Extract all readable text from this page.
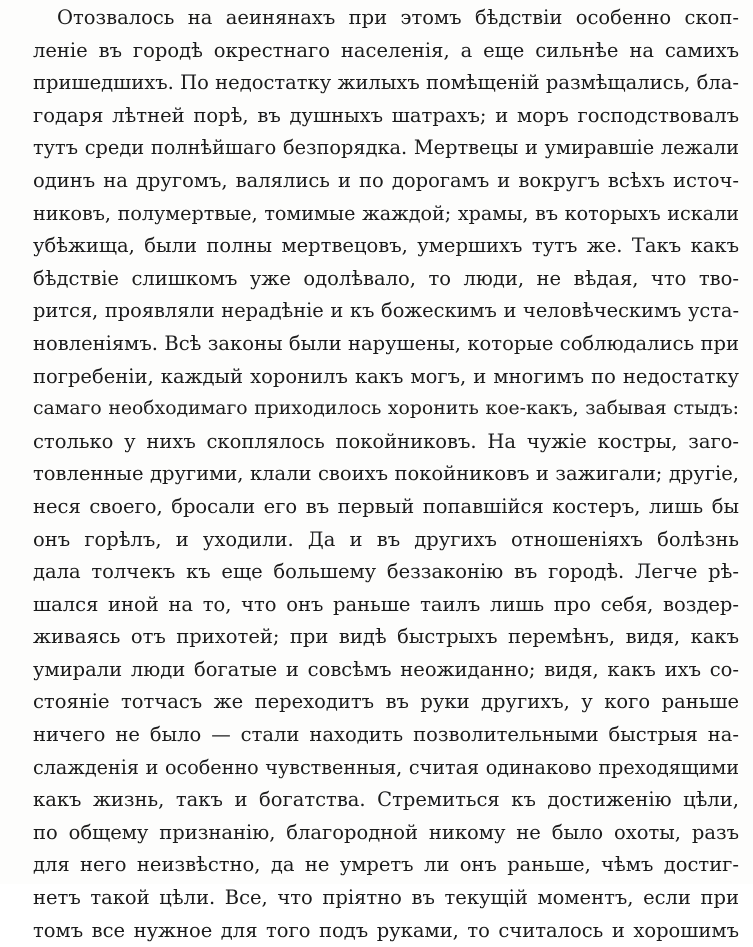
Отозвалось на аеинянахъ при этомъ бѣдствіи особенно скоп-
леніе въ городѣ окрестнаго населенія, а еще сильнѣе на самихъ
пришедшихъ. По недостатку жилыхъ помѣщеній размѣщались, бла-
годаря лѣтней порѣ, въ душныхъ шатрахъ; и моръ господствовалъ
тутъ среди полнѣйшаго безпорядка. Мертвецы и умиравшіе лежали
одинъ на другомъ, валялись и по дорогамъ и вокругъ всѣхъ источ-
никовъ, полумертвые, томимые жаждой; храмы, въ которыхъ искали
убѣжища, были полны мертвецовъ, умершихъ тутъ же. Такъ какъ
бѣдствіе слишкомъ уже одолѣвало, то люди, не вѣдая, что тво-
рится, проявляли нерадѣніе и къ божескимъ и человѣческимъ уста-
новленіямъ. Всѣ законы были нарушены, которые соблюдались при
погребеніи, каждый хоронилъ какъ могъ, и многимъ по недостатку
самаго необходимаго приходилось хоронить кое-какъ, забывая стыдъ:
столько у нихъ скоплялось покойниковъ. На чужіе костры, заго-
товленные другими, клали своихъ покойниковъ и зажигали; другіе,
неся своего, бросали его въ первый попавшійся костеръ, лишь бы
онъ горѣлъ, и уходили. Да и въ другихъ отношеніяхъ болѣзнь
дала толчекъ къ еще большему беззаконію въ городѣ. Легче рѣ-
шался иной на то, что онъ раньше таилъ лишь про себя, воздер-
живаясь отъ прихотей; при видѣ быстрыхъ перемѣнъ, видя, какъ
умирали люди богатые и совсѣмъ неожиданно; видя, какъ ихъ со-
стояніе тотчасъ же переходитъ въ руки другихъ, у кого раньше
ничего не было — стали находить позволительными быстрыя на-
слажденія и особенно чувственныя, считая одинаково преходящими
какъ жизнь, такъ и богатства. Стремиться къ достиженію цѣли,
по общему признанію, благородной никому не было охоты, разъ
для него неизвѣстно, да не умретъ ли онъ раньше, чѣмъ достиг-
нетъ такой цѣли. Все, что пріятно въ текущій моментъ, если при
томъ все нужное для того подъ руками, то считалось и хорошимъ
